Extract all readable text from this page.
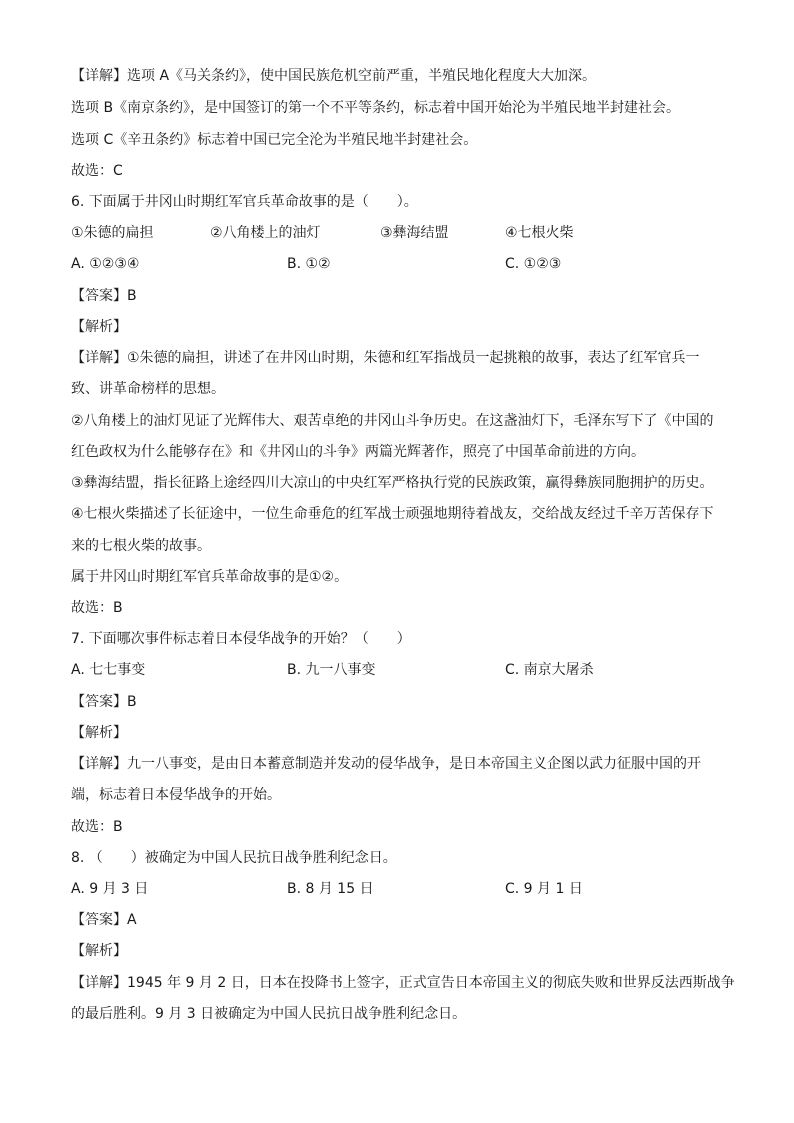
【详解】选项 A《马关条约》，使中国民族危机空前严重，半殖民地化程度大大加深。
选项 B《南京条约》，是中国签订的第一个不平等条约，标志着中国开始沦为半殖民地半封建社会。
选项 C《辛丑条约》标志着中国已完全沦为半殖民地半封建社会。
故选：C
6. 下面属于井冈山时期红军官兵革命故事的是（　　）。
①朱德的扁担	②八角楼上的油灯	③彝海结盟	④七根火柴
A. ①②③④	B. ①②	C. ①②③
【答案】B
【解析】
【详解】①朱德的扁担，讲述了在井冈山时期，朱德和红军指战员一起挑粮的故事，表达了红军官兵一
致、讲革命榜样的思想。
②八角楼上的油灯见证了光辉伟大、艰苦卓绝的井冈山斗争历史。在这盏油灯下，毛泽东写下了《中国的
红色政权为什么能够存在》和《井冈山的斗争》两篇光辉著作，照亮了中国革命前进的方向。
③彝海结盟，指长征路上途经四川大凉山的中央红军严格执行党的民族政策，赢得彝族同胞拥护的历史。
④七根火柴描述了长征途中，一位生命垂危的红军战士顽强地期待着战友，交给战友经过千辛万苦保存下
来的七根火柴的故事。
属于井冈山时期红军官兵革命故事的是①②。
故选：B
7. 下面哪次事件标志着日本侵华战争的开始？（　　）
A. 七七事变	B. 九一八事变	C. 南京大屠杀
【答案】B
【解析】
【详解】九一八事变，是由日本蓄意制造并发动的侵华战争，是日本帝国主义企图以武力征服中国的开
端，标志着日本侵华战争的开始。
故选：B
8. （　　）被确定为中国人民抗日战争胜利纪念日。
A. 9 月 3 日	B. 8 月 15 日	C. 9 月 1 日
【答案】A
【解析】
【详解】1945 年 9 月 2 日，日本在投降书上签字，正式宣告日本帝国主义的彻底失败和世界反法西斯战争
的最后胜利。9 月 3 日被确定为中国人民抗日战争胜利纪念日。
